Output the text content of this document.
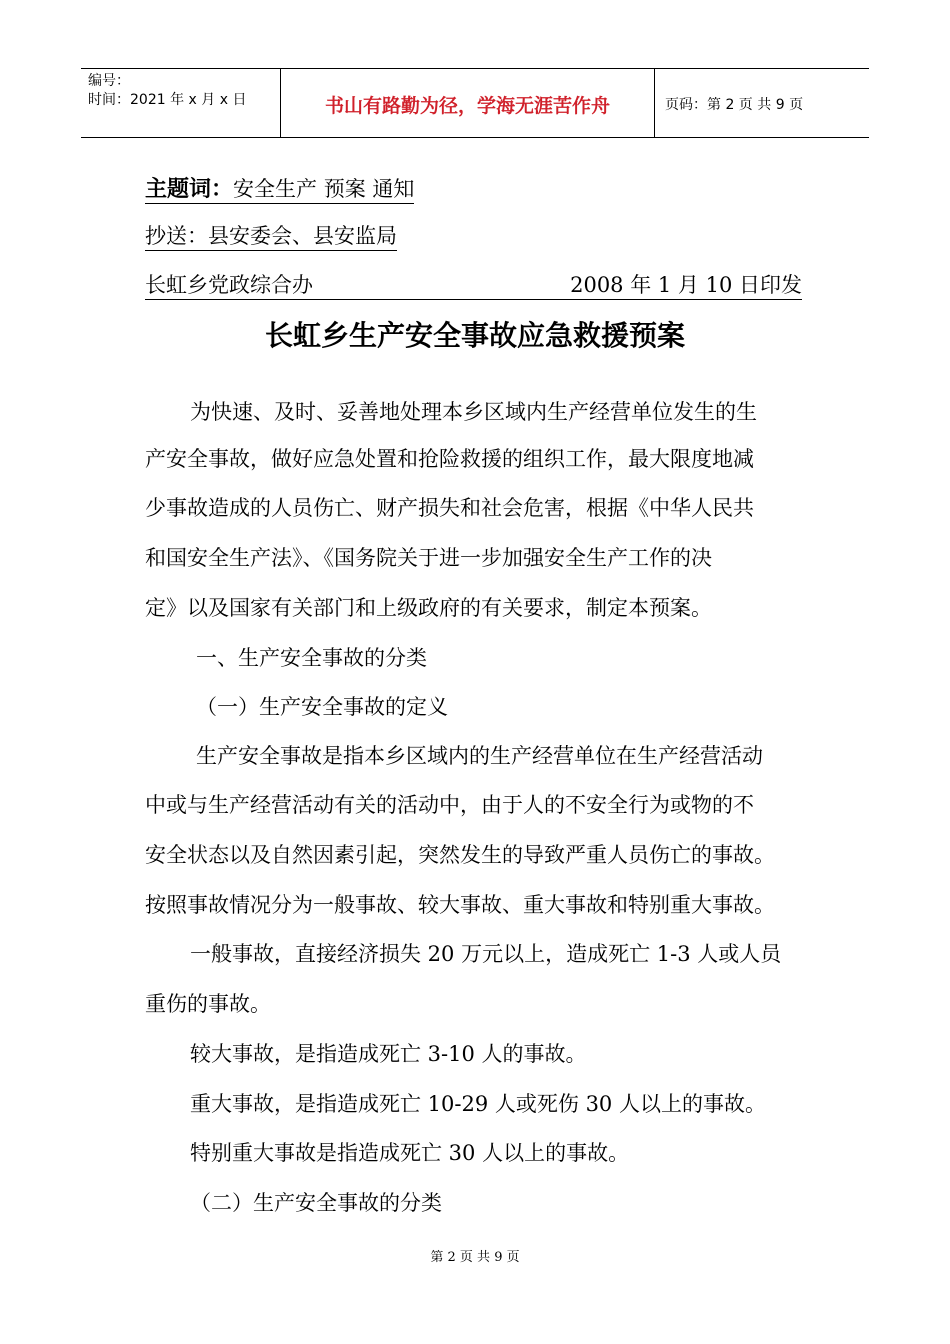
编号：
时间：2021 年 x 月 x 日	书山有路勤为径，学海无涯苦作舟	页码：第 2 页 共 9 页
主题词：安全生产 预案 通知
抄送：县安委会、县安监局
长虹乡党政综合办	2008 年 1 月 10 日印发
长虹乡生产安全事故应急救援预案
为快速、及时、妥善地处理本乡区域内生产经营单位发生的生
产安全事故，做好应急处置和抢险救援的组织工作，最大限度地减
少事故造成的人员伤亡、财产损失和社会危害，根据《中华人民共
和国安全生产法》、《国务院关于进一步加强安全生产工作的决
定》以及国家有关部门和上级政府的有关要求，制定本预案。
一、生产安全事故的分类
（一）生产安全事故的定义
生产安全事故是指本乡区域内的生产经营单位在生产经营活动
中或与生产经营活动有关的活动中，由于人的不安全行为或物的不
安全状态以及自然因素引起，突然发生的导致严重人员伤亡的事故。
按照事故情况分为一般事故、较大事故、重大事故和特别重大事故。
一般事故，直接经济损失 20 万元以上，造成死亡 1-3 人或人员
重伤的事故。
较大事故，是指造成死亡 3-10 人的事故。
重大事故，是指造成死亡 10-29 人或死伤 30 人以上的事故。
特别重大事故是指造成死亡 30 人以上的事故。
（二）生产安全事故的分类
第 2 页 共 9 页
